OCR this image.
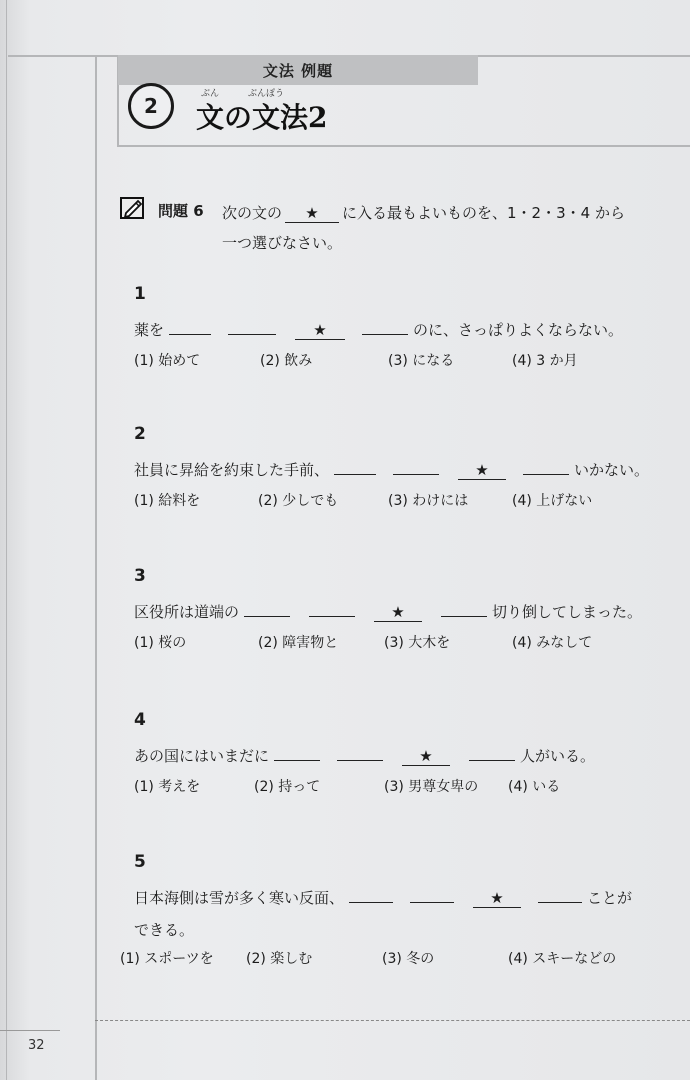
文法 例題
2	ぶん	ぶんぽう
文の文法2
問題 6 次の文の ★ に入る最もよいものを、1・2・3・4 から
一つ選びなさい。
1
薬を	★	のに、さっぱりよくならない。
(1) 始めて	(2) 飲み	(3) になる	(4) 3 か月
2
社員に昇給を約束した手前、	★	いかない。
(1) 給料を	(2) 少しでも	(3) わけには	(4) 上げない
3
区役所は道端の	★	切り倒してしまった。
(1) 桜の	(2) 障害物と	(3) 大木を	(4) みなして
4
あの国にはいまだに	★	人がいる。
(1) 考えを	(2) 持って	(3) 男尊女卑の (4) いる
5
日本海側は雪が多く寒い反面、	★	ことが
できる。
(1) スポーツを (2) 楽しむ	(3) 冬の	(4) スキーなどの
32
